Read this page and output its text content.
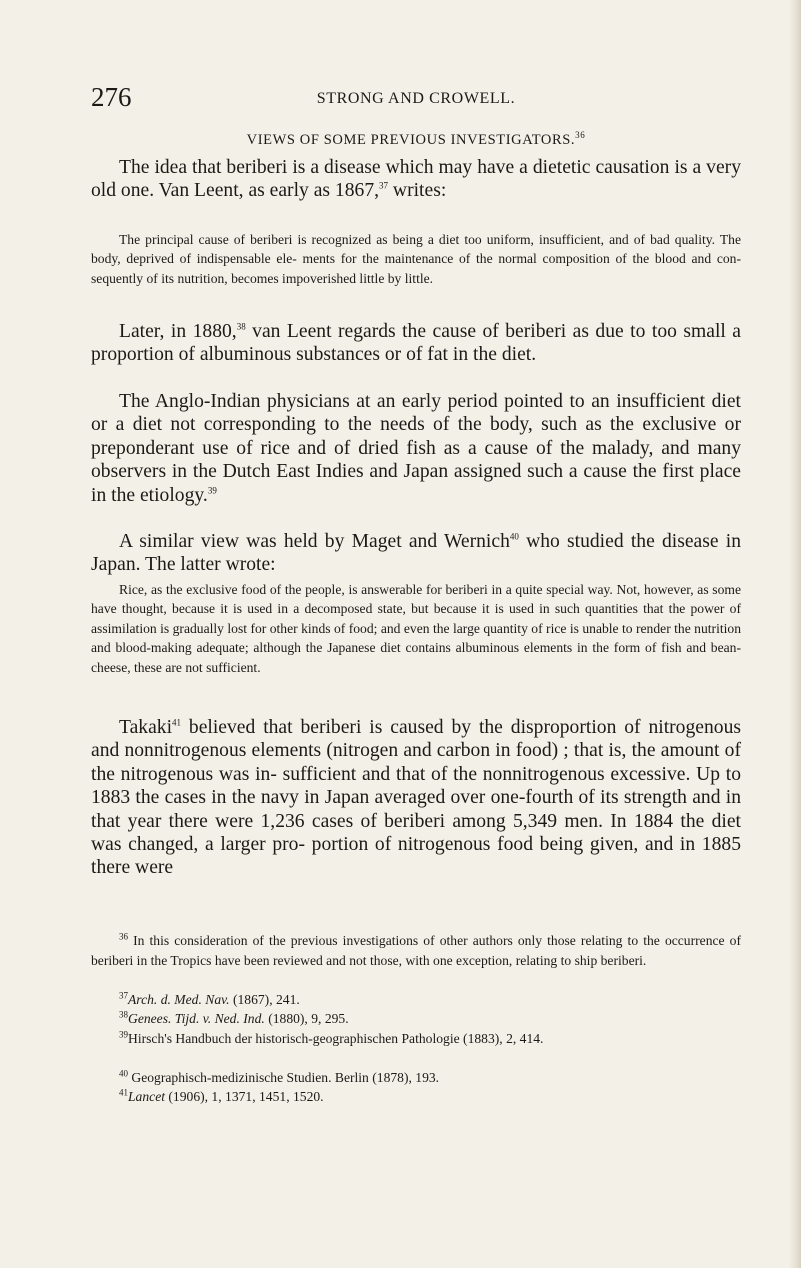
276	STRONG AND CROWELL.
VIEWS OF SOME PREVIOUS INVESTIGATORS.$^{36}$

The idea that beriberi is a disease which may have a dietetic causation is a very old one. Van Leent, as early as 1867,37 writes:

The principal cause of beriberi is recognized as being a diet too uniform, insufficient, and of bad quality. The body, deprived of indispensable ele- ments for the maintenance of the normal composition of the blood and con- sequently of its nutrition, becomes impoverished little by little.

Later, in 1880,38 van Leent regards the cause of beriberi as due to too small a proportion of albuminous substances or of fat in the diet.

The Anglo-Indian physicians at an early period pointed to an insufficient diet or a diet not corresponding to the needs of the body, such as the exclusive or preponderant use of rice and of dried fish as a cause of the malady, and many observers in the Dutch East Indies and Japan assigned such a cause the first place in the etiology.$^{39}$

A similar view was held by Maget and Wernich$^{40}$ who studied the disease in Japan. The latter wrote:

Rice, as the exclusive food of the people, is answerable for beriberi in a quite special way. Not, however, as some have thought, because it is used in a decomposed state, but because it is used in such quantities that the power of assimilation is gradually lost for other kinds of food; and even the large quantity of rice is unable to render the nutrition and blood-making adequate; although the Japanese diet contains albuminous elements in the form of fish and bean-cheese, these are not sufficient.

Takaki$^{41}$ believed that beriberi is caused by the disproportion of nitrogenous and nonnitrogenous elements (nitrogen and carbon in food) ; that is, the amount of the nitrogenous was in- sufficient and that of the nonnitrogenous excessive. Up to 1883 the cases in the navy in Japan averaged over one-fourth of its strength and in that year there were 1,236 cases of beriberi among 5,349 men. In 1884 the diet was changed, a larger pro- portion of nitrogenous food being given, and in 1885 there were

$^{36}$ In this consideration of the previous investigations of other authors only those relating to the occurrence of beriberi in the Tropics have been reviewed and not those, with one exception, relating to ship beriberi.

$^{37}$Arch. d. Med. Nav. (1867), 241.

$^{38}$Genees. Tijd. v. Ned. Ind. (1880), 9, 295.

$^{39}$Hirsch's Handbuch der historisch-geographischen Pathologie (1883), 2, 414.

$^{40}$ Geographisch-medizinische Studien. Berlin (1878), 193.

$^{41}$Lancet (1906), 1, 1371, 1451, 1520.
